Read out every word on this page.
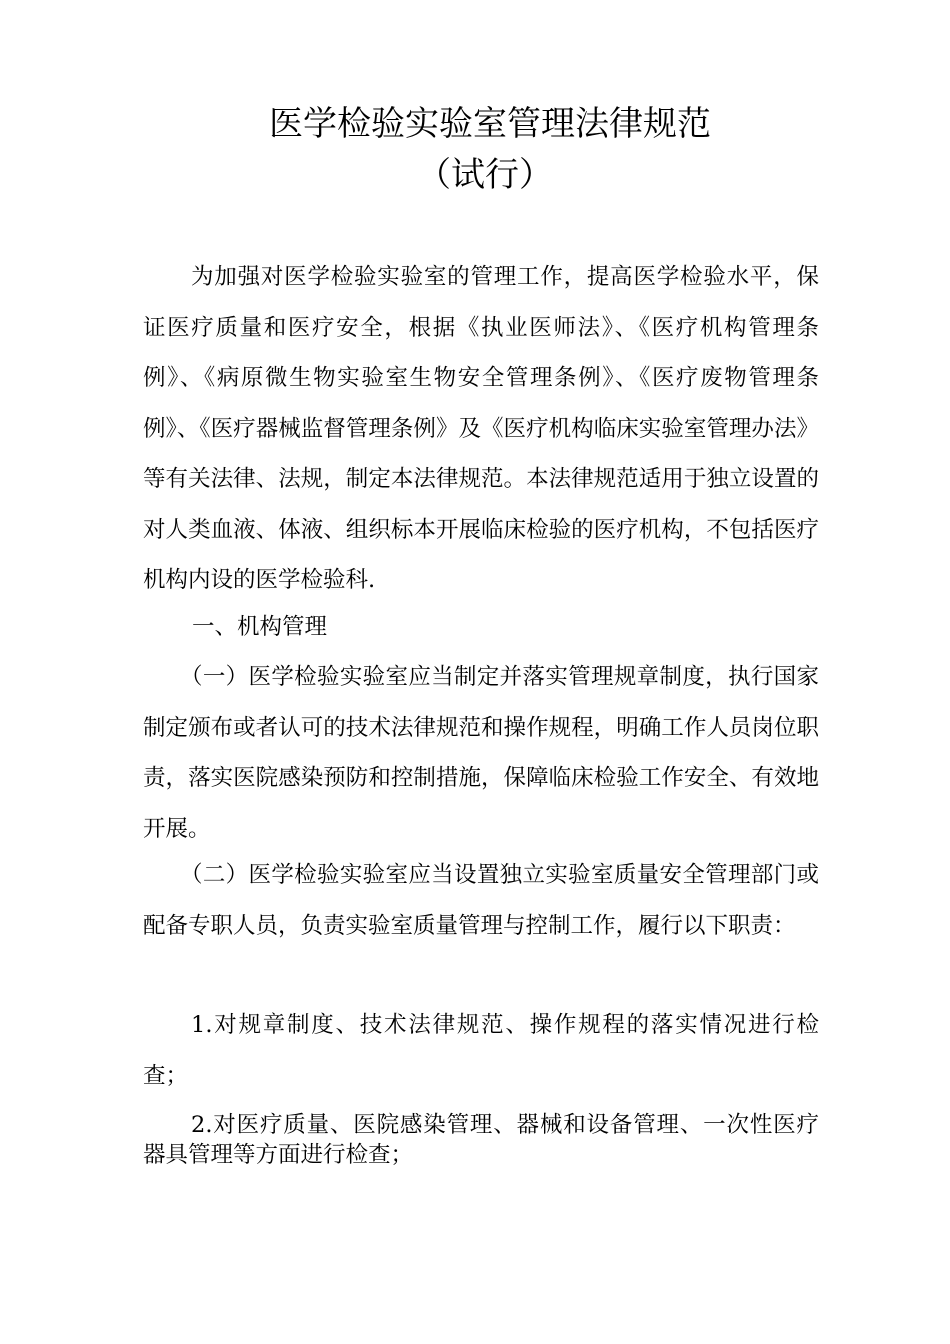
医学检验实验室管理法律规范
（试行）

为加强对医学检验实验室的管理工作，提高医学检验水平，保证医疗质量和医疗安全，根据《执业医师法》、《医疗机构管理条例》、《病原微生物实验室生物安全管理条例》、《医疗废物管理条例》、《医疗器械监督管理条例》及《医疗机构临床实验室管理办法》等有关法律、法规，制定本法律规范。本法律规范适用于独立设置的对人类血液、体液、组织标本开展临床检验的医疗机构，不包括医疗机构内设的医学检验科.

一、机构管理

（一）医学检验实验室应当制定并落实管理规章制度，执行国家制定颁布或者认可的技术法律规范和操作规程，明确工作人员岗位职责，落实医院感染预防和控制措施，保障临床检验工作安全、有效地开展。

（二）医学检验实验室应当设置独立实验室质量安全管理部门或配备专职人员，负责实验室质量管理与控制工作，履行以下职责：

1.对规章制度、技术法律规范、操作规程的落实情况进行检查；

2.对医疗质量、医院感染管理、器械和设备管理、一次性医疗器具管理等方面进行检查；
